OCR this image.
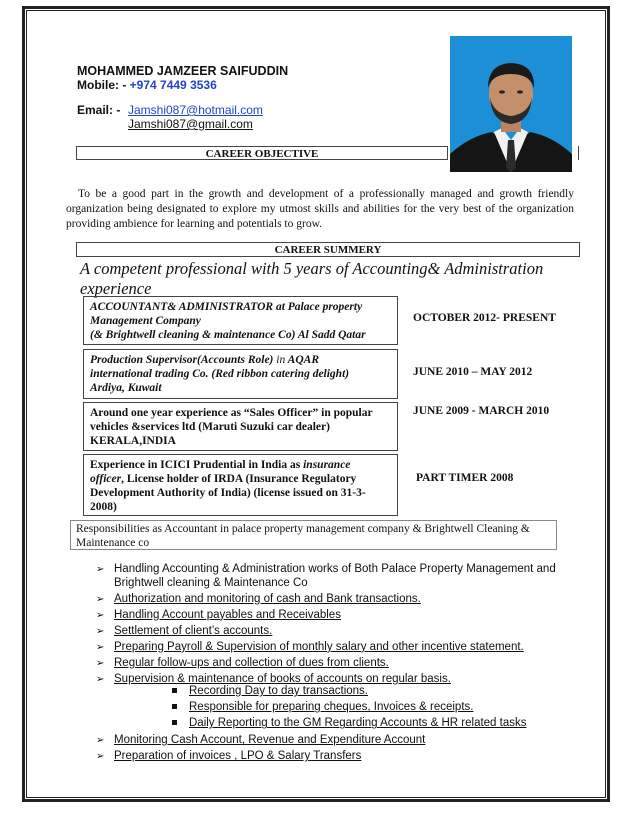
MOHAMMED JAMZEER SAIFUDDIN
Mobile: - +974 7449 3536
Email: - Jamshi087@hotmail.com
Jamshi087@gmail.com
CAREER OBJECTIVE
To be a good part in the growth and development of a professionally managed and growth friendly organization being designated to explore my utmost skills and abilities for the very best of the organization providing ambience for learning and potentials to grow.
CAREER SUMMERY
A competent professional with 5 years of Accounting& Administration experience
ACCOUNTANT& ADMINISTRATOR at Palace property
Management Company
(& Brightwell cleaning & maintenance Co) Al Sadd Qatar
OCTOBER 2012- PRESENT
Production Supervisor(Accounts Role) in AQAR
international trading Co. (Red ribbon catering delight)
Ardiya, Kuwait
JUNE 2010 – MAY 2012
Around one year experience as “Sales Officer” in popular
vehicles &services ltd (Maruti Suzuki car dealer)
KERALA,INDIA
JUNE 2009 - MARCH 2010
Experience in ICICI Prudential in India as insurance
officer, License holder of IRDA (Insurance Regulatory
Development Authority of India) (license issued on 31-3-
2008)
PART TIMER 2008
Responsibilities as Accountant in palace property management company & Brightwell Cleaning & Maintenance co
➢ Handling Accounting & Administration works of Both Palace Property Management and Brightwell cleaning & Maintenance Co
➢ Authorization and monitoring of cash and Bank transactions.
➢ Handling Account payables and Receivables
➢ Settlement of client’s accounts.
➢ Preparing Payroll & Supervision of monthly salary and other incentive statement.
➢ Regular follow-ups and collection of dues from clients.
➢ Supervision & maintenance of books of accounts on regular basis.
Recording Day to day transactions.
Responsible for preparing cheques, Invoices & receipts.
Daily Reporting to the GM Regarding Accounts & HR related tasks
➢ Monitoring Cash Account, Revenue and Expenditure Account
➢ Preparation of invoices , LPO & Salary Transfers
